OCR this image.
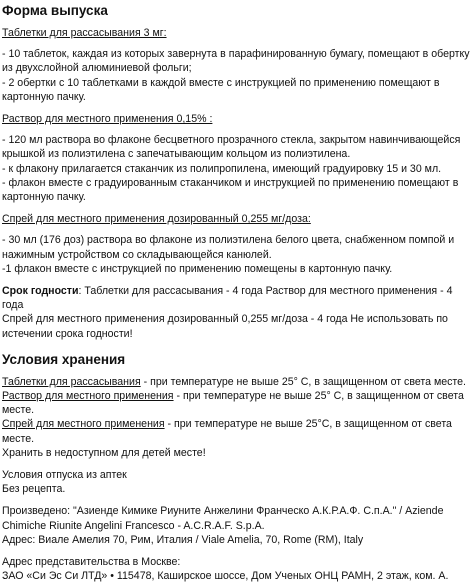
Форма выпуска

Таблетки для рассасывания 3 мг:

- 10 таблеток, каждая из которых завернута в парафинированную бумагу, помещают в обертку из двухслойной алюминиевой фольги;

- 2 обертки с 10 таблетками в каждой вместе с инструкцией по применению помещают в картонную пачку.

Раствор для местного применения 0,15% :

- 120 мл раствора во флаконе бесцветного прозрачного стекла, закрытом навинчивающейся крышкой из полиэтилена с запечатывающим кольцом из полиэтилена.

- к флакону прилагается стаканчик из полипропилена, имеющий градуировку 15 и 30 мл.

- флакон вместе с градуированным стаканчиком и инструкцией по применению помещают в картонную пачку.

Спрей для местного применения дозированный 0,255 мг/доза:

- 30 мл (176 доз) раствора во флаконе из полиэтилена белого цвета, снабженном помпой и нажимным устройством со складывающейся канюлей.

-1 флакон вместе с инструкцией по применению помещены в картонную пачку.

Срок годности: Таблетки для рассасывания - 4 года Раствор для местного применения - 4 года

Спрей для местного применения дозированный 0,255 мг/доза - 4 года Не использовать по истечении срока годности!

Условия хранения

Таблетки для рассасывания - при температуре не выше 25° С, в защищенном от света месте.

Раствор для местного применения - при температуре не выше 25° С, в защищенном от света месте.

Спрей для местного применения - при температуре не выше 25°С, в защищенном от света месте.

Хранить в недоступном для детей месте!

Условия отпуска из аптек

Без рецепта.

Произведено: "Азиенде Кимике Риуните Анжелини Франческо А.К.Р.А.Ф. С.п.А." / Aziende Chimiche Riunite Angelini Francesco - A.C.R.A.F. S.p.A.

Адрес: Виале Амелия 70, Рим, Италия / Viale Amelia, 70, Rome (RM), Italy

Адрес представительства в Москве:

ЗАО «Си Эс Си ЛТД» • 115478, Каширское шоссе, Дом Ученых ОНЦ РАМН, 2 этаж, ком. А.
